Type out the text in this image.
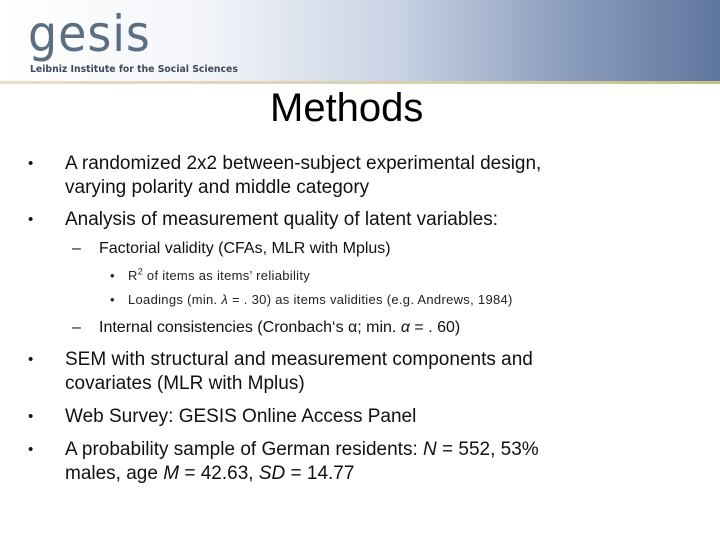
gesis
Leibniz Institute for the Social Sciences
Methods
• A randomized 2x2 between-subject experimental design,
varying polarity and middle category
• Analysis of measurement quality of latent variables:
– Factorial validity (CFAs, MLR with Mplus)
• $R^2$ of items as items’ reliability
• Loadings (min. λ = . 30) as items validities (e.g. Andrews, 1984)
– Internal consistencies (Cronbach‘s α; min. α = . 60)
• SEM with structural and measurement components and
covariates (MLR with Mplus)
• Web Survey: GESIS Online Access Panel
• A probability sample of German residents: N = 552, 53%
males, age M = 42.63, SD = 14.77
